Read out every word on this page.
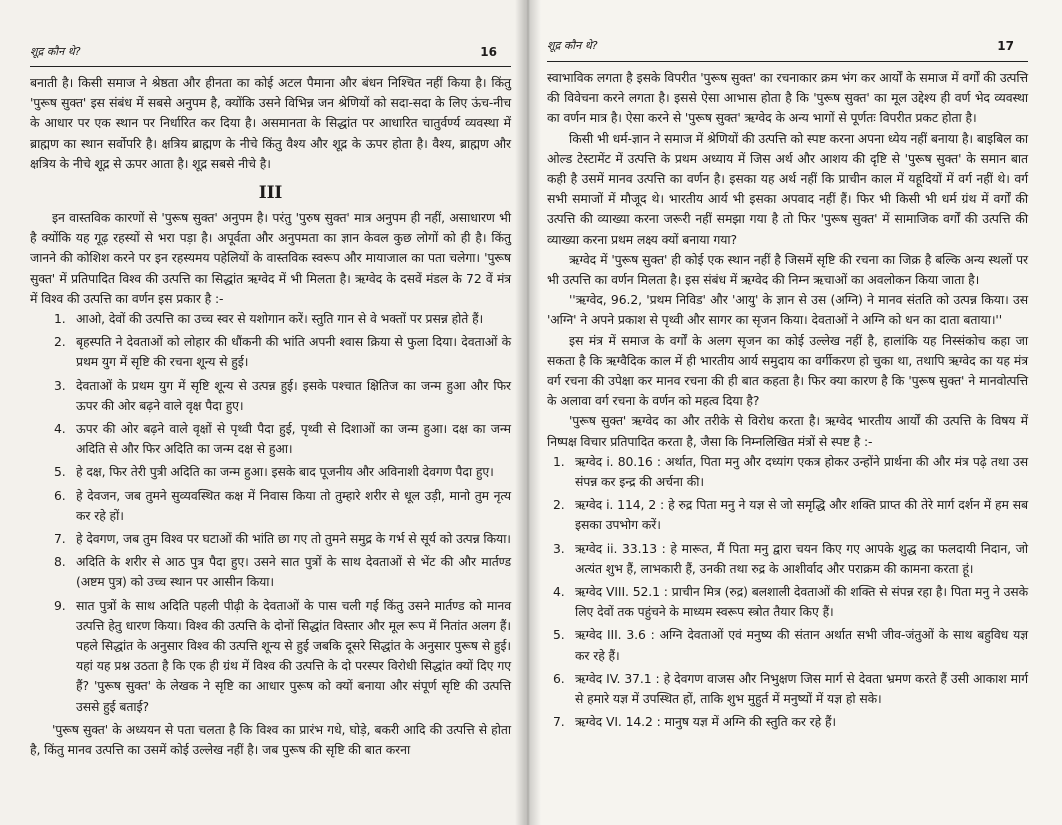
शूद्र कौन थे?	16

बनाती है। किसी समाज ने श्रेष्ठता और हीनता का कोई अटल पैमाना और बंधन निश्चित नहीं किया है। किंतु 'पुरूष सुक्त' इस संबंध में सबसे अनुपम है, क्योंकि उसने विभिन्न जन श्रेणियों को सदा-सदा के लिए ऊंच-नीच के आधार पर एक स्थान पर निर्धारित कर दिया है। असमानता के सिद्धांत पर आधारित चातुर्वर्ण्य व्यवस्था में ब्राह्मण का स्थान सर्वोपरि है। क्षत्रिय ब्राह्मण के नीचे किंतु वैश्य और शूद्र के ऊपर होता है। वैश्य, ब्राह्मण और क्षत्रिय के नीचे शूद्र से ऊपर आता है। शूद्र सबसे नीचे है।

III

इन वास्तविक कारणों से 'पुरूष सुक्त' अनुपम है। परंतु 'पुरुष सुक्त' मात्र अनुपम ही नहीं, असाधारण भी है क्योंकि यह गूढ़ रहस्यों से भरा पड़ा है। अपूर्वता और अनुपमता का ज्ञान केवल कुछ लोगों को ही है। किंतु जानने की कोशिश करने पर इन रहस्यमय पहेलियों के वास्तविक स्वरूप और मायाजाल का पता चलेगा। 'पुरूष सुक्त' में प्रतिपादित विश्व की उत्पत्ति का सिद्धांत ऋग्वेद में भी मिलता है। ऋग्वेद के दसवें मंडल के 72 वें मंत्र में विश्व की उत्पत्ति का वर्णन इस प्रकार है :-

1. आओ, देवों की उत्पत्ति का उच्च स्वर से यशोगान करें। स्तुति गान से वे भक्तों पर प्रसन्न होते हैं।
2. बृहस्पति ने देवताओं को लोहार की धौंकनी की भांति अपनी श्वास क्रिया से फुला दिया। देवताओं के प्रथम युग में सृष्टि की रचना शून्य से हुई।
3. देवताओं के प्रथम युग में सृष्टि शून्य से उत्पन्न हुई। इसके पश्चात क्षितिज का जन्म हुआ और फिर ऊपर की ओर बढ़ने वाले वृक्ष पैदा हुए।
4. ऊपर की ओर बढ़ने वाले वृक्षों से पृथ्वी पैदा हुई, पृथ्वी से दिशाओं का जन्म हुआ। दक्ष का जन्म अदिति से और फिर अदिति का जन्म दक्ष से हुआ।
5. हे दक्ष, फिर तेरी पुत्री अदिति का जन्म हुआ। इसके बाद पूजनीय और अविनाशी देवगण पैदा हुए।
6. हे देवजन, जब तुमने सुव्यवस्थित कक्ष में निवास किया तो तुम्हारे शरीर से धूल उड़ी, मानो तुम नृत्य कर रहे हों।
7. हे देवगण, जब तुम विश्व पर घटाओं की भांति छा गए तो तुमने समुद्र के गर्भ से सूर्य को उत्पन्न किया।
8. अदिति के शरीर से आठ पुत्र पैदा हुए। उसने सात पुत्रों के साथ देवताओं से भेंट की और मार्तण्ड (अष्टम पुत्र) को उच्च स्थान पर आसीन किया।
9. सात पुत्रों के साथ अदिति पहली पीढ़ी के देवताओं के पास चली गई किंतु उसने मार्तण्ड को मानव उत्पत्ति हेतु धारण किया। विश्व की उत्पत्ति के दोनों सिद्धांत विस्तार और मूल रूप में नितांत अलग हैं। पहले सिद्धांत के अनुसार विश्व की उत्पत्ति शून्य से हुई जबकि दूसरे सिद्धांत के अनुसार पुरूष से हुई। यहां यह प्रश्न उठता है कि एक ही ग्रंथ में विश्व की उत्पत्ति के दो परस्पर विरोधी सिद्धांत क्यों दिए गए हैं? 'पुरूष सुक्त' के लेखक ने सृष्टि का आधार पुरूष को क्यों बनाया और संपूर्ण सृष्टि की उत्पत्ति उससे हुई बताई?

'पुरूष सुक्त' के अध्ययन से पता चलता है कि विश्व का प्रारंभ गधे, घोड़े, बकरी आदि की उत्पत्ति से होता है, किंतु मानव उत्पत्ति का उसमें कोई उल्लेख नहीं है। जब पुरूष की सृष्टि की बात करना

शूद्र कौन थे?	17

स्वाभाविक लगता है इसके विपरीत 'पुरूष सुक्त' का रचनाकार क्रम भंग कर आर्यों के समाज में वर्गों की उत्पत्ति की विवेचना करने लगता है। इससे ऐसा आभास होता है कि 'पुरूष सुक्त' का मूल उद्देश्य ही वर्ण भेद व्यवस्था का वर्णन मात्र है। ऐसा करने से 'पुरूष सुक्त' ऋग्वेद के अन्य भागों से पूर्णतः विपरीत प्रकट होता है।

किसी भी धर्म-ज्ञान ने समाज में श्रेणियों की उत्पत्ति को स्पष्ट करना अपना ध्येय नहीं बनाया है। बाइबिल का ओल्ड टेस्टामेंट में उत्पत्ति के प्रथम अध्याय में जिस अर्थ और आशय की दृष्टि से 'पुरूष सुक्त' के समान बात कही है उसमें मानव उत्पत्ति का वर्णन है। इसका यह अर्थ नहीं कि प्राचीन काल में यहूदियों में वर्ग नहीं थे। वर्ग सभी समाजों में मौजूद थे। भारतीय आर्य भी इसका अपवाद नहीं हैं। फिर भी किसी भी धर्म ग्रंथ में वर्गों की उत्पत्ति की व्याख्या करना जरूरी नहीं समझा गया है तो फिर 'पुरूष सुक्त' में सामाजिक वर्गों की उत्पत्ति की व्याख्या करना प्रथम लक्ष्य क्यों बनाया गया?

ऋग्वेद में 'पुरूष सुक्त' ही कोई एक स्थान नहीं है जिसमें सृष्टि की रचना का जिक्र है बल्कि अन्य स्थलों पर भी उत्पत्ति का वर्णन मिलता है। इस संबंध में ऋग्वेद की निम्न ऋचाओं का अवलोकन किया जाता है।

''ऋग्वेद, 96.2, 'प्रथम निविड' और 'आयु' के ज्ञान से उस (अग्नि) ने मानव संतति को उत्पन्न किया। उस 'अग्नि' ने अपने प्रकाश से पृथ्वी और सागर का सृजन किया। देवताओं ने अग्नि को धन का दाता बताया।''

इस मंत्र में समाज के वर्गों के अलग सृजन का कोई उल्लेख नहीं है, हालांकि यह निस्संकोच कहा जा सकता है कि ऋग्वैदिक काल में ही भारतीय आर्य समुदाय का वर्गीकरण हो चुका था, तथापि ऋग्वेद का यह मंत्र वर्ग रचना की उपेक्षा कर मानव रचना की ही बात कहता है। फिर क्या कारण है कि 'पुरूष सुक्त' ने मानवोत्पत्ति के अलावा वर्ग रचना के वर्णन को महत्व दिया है?

'पुरूष सुक्त' ऋग्वेद का और तरीके से विरोध करता है। ऋग्वेद भारतीय आर्यों की उत्पत्ति के विषय में निष्पक्ष विचार प्रतिपादित करता है, जैसा कि निम्नलिखित मंत्रों से स्पष्ट है :-

1. ऋग्वेद i. 80.16 : अर्थात, पिता मनु और दध्यांग एकत्र होकर उन्होंने प्रार्थना की और मंत्र पढ़े तथा उस संपन्न कर इन्द्र की अर्चना की।
2. ऋग्वेद i. 114, 2 : हे रुद्र पिता मनु ने यज्ञ से जो समृद्धि और शक्ति प्राप्त की तेरे मार्ग दर्शन में हम सब इसका उपभोग करें।
3. ऋग्वेद ii. 33.13 : हे मारूत, मैं पिता मनु द्वारा चयन किए गए आपके शुद्ध का फलदायी निदान, जो अत्यंत शुभ हैं, लाभकारी हैं, उनकी तथा रुद्र के आशीर्वाद और पराक्रम की कामना करता हूं।
4. ऋग्वेद VIII. 52.1 : प्राचीन मित्र (रुद्र) बलशाली देवताओं की शक्ति से संपन्न रहा है। पिता मनु ने उसके लिए देवों तक पहुंचने के माध्यम स्वरूप स्त्रोत तैयार किए हैं।
5. ऋग्वेद III. 3.6 : अग्नि देवताओं एवं मनुष्य की संतान अर्थात सभी जीव-जंतुओं के साथ बहुविध यज्ञ कर रहे हैं।
6. ऋग्वेद IV. 37.1 : हे देवगण वाजस और निभुक्षण जिस मार्ग से देवता भ्रमण करते हैं उसी आकाश मार्ग से हमारे यज्ञ में उपस्थित हों, ताकि शुभ मुहुर्त में मनुष्यों में यज्ञ हो सके।
7. ऋग्वेद VI. 14.2 : मानुष यज्ञ में अग्नि की स्तुति कर रहे हैं।
